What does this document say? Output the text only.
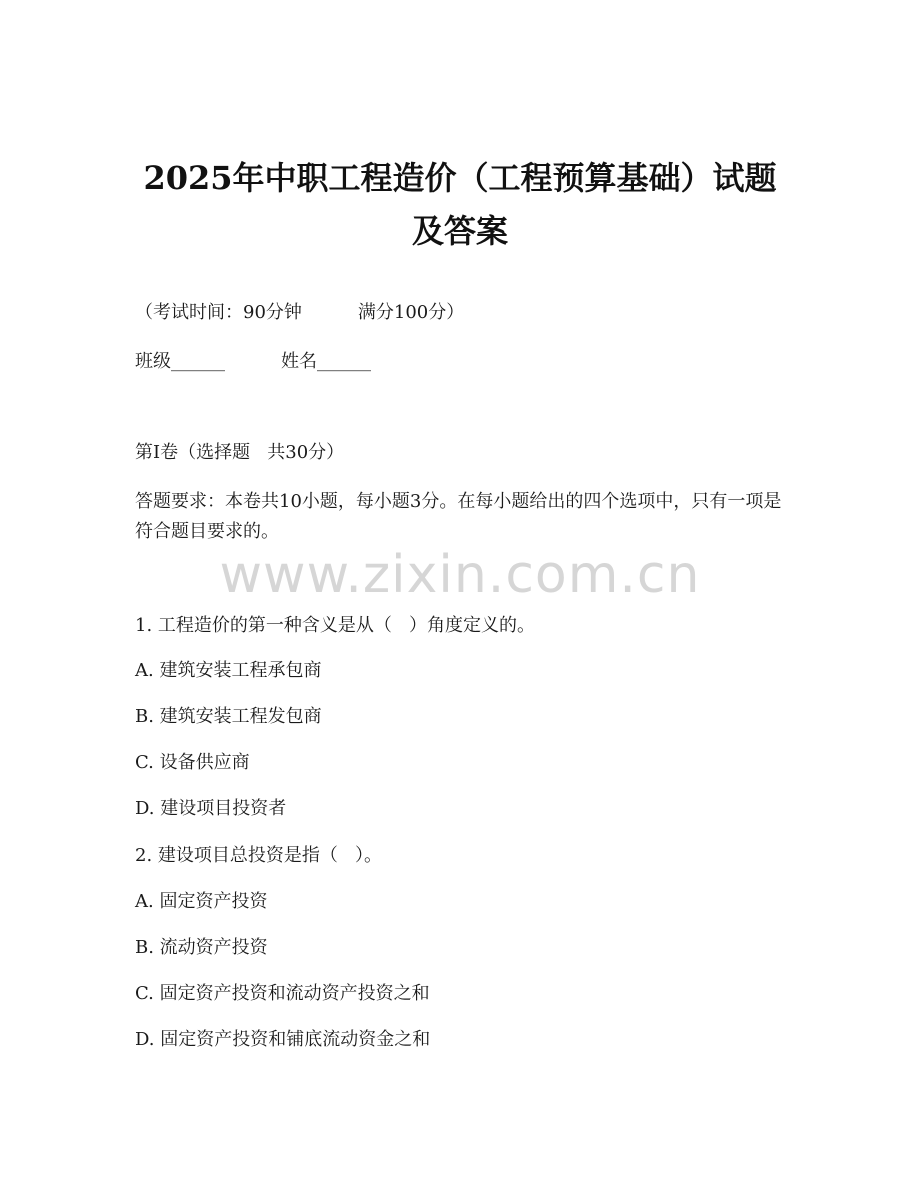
2025年中职工程造价（工程预算基础）试题
及答案
（考试时间：90分钟	满分100分）
班级______	姓名______
第I卷（选择题   共30分）
答题要求：本卷共10小题，每小题3分。在每小题给出的四个选项中，只有一项是符合题目要求的。
www.zixin.com.cn
1. 工程造价的第一种含义是从（   ）角度定义的。
A. 建筑安装工程承包商
B. 建筑安装工程发包商
C. 设备供应商
D. 建设项目投资者
2. 建设项目总投资是指（   ）。
A. 固定资产投资
B. 流动资产投资
C. 固定资产投资和流动资产投资之和
D. 固定资产投资和铺底流动资金之和
